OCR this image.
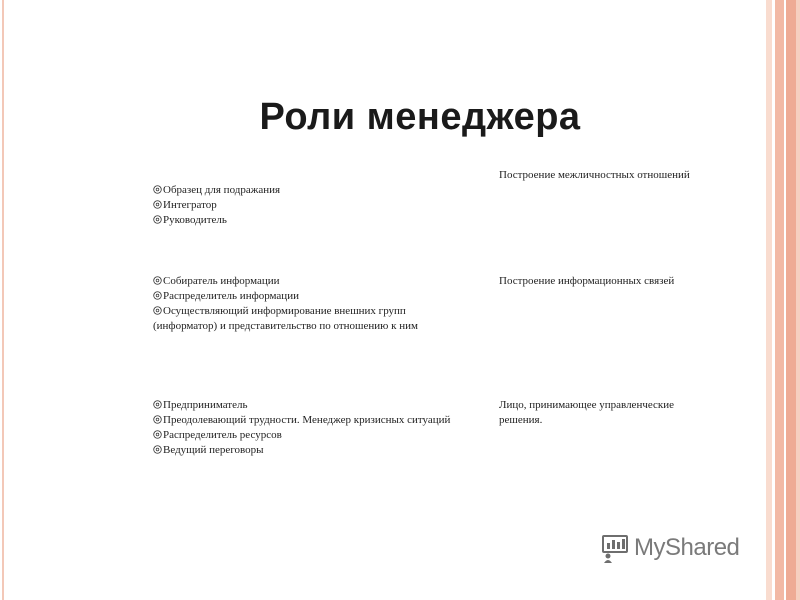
Роли менеджера
Построение межличностных отношений
Образец для подражания
Интегратор
Руководитель
Построение информационных связей
Собиратель информации
Распределитель информации
Осуществляющий информирование внешних групп
(информатор) и представительство по отношению к ним
Лицо, принимающее управленческие
решения.
Предприниматель
Преодолевающий трудности. Менеджер кризисных ситуаций
Распределитель ресурсов
Ведущий переговоры
MyShared
